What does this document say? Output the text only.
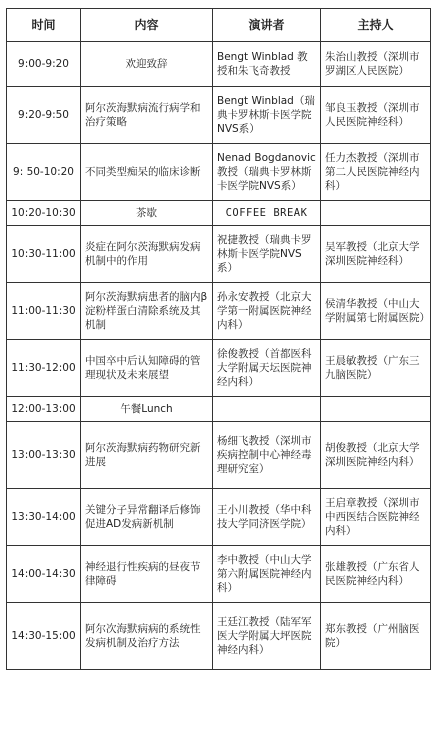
时间	内容	演讲者	主持人
9:00-9:20	欢迎致辞	Bengt Winblad 教授和朱飞奇教授	朱治山教授（深圳市罗湖区人民医院）
9:20-9:50	阿尔茨海默病流行病学和治疗策略	Bengt Winblad（瑞典卡罗林斯卡医学院NVS系）	邹良玉教授（深圳市人民医院神经科）
9: 50-10:20	不同类型痴呆的临床诊断	Nenad Bogdanovic教授（瑞典卡罗林斯卡医学院NVS系）	任力杰教授（深圳市第二人民医院神经内科）
10:20-10:30	茶歇	COFFEE BREAK	
10:30-11:00	炎症在阿尔茨海默病发病机制中的作用	祝捷教授（瑞典卡罗林斯卡医学院NVS系）	吴军教授（北京大学深圳医院神经科）
11:00-11:30	阿尔茨海默病患者的脑内β淀粉样蛋白清除系统及其机制	孙永安教授（北京大学第一附属医院神经内科）	侯清华教授（中山大学附属第七附属医院）
11:30-12:00	中国卒中后认知障碍的管理现状及未来展望	徐俊教授（首都医科大学附属天坛医院神经内科）	王晨敏教授（广东三九脑医院）
12:00-13:00	午餐Lunch		
13:00-13:30	阿尔茨海默病药物研究新进展	杨细飞教授（深圳市疾病控制中心神经毒理研究室）	胡俊教授（北京大学深圳医院神经内科）
13:30-14:00	关键分子异常翻译后修饰促进AD发病新机制	王小川教授（华中科技大学同济医学院）	王启章教授（深圳市中西医结合医院神经内科）
14:00-14:30	神经退行性疾病的昼夜节律障碍	李中教授（中山大学第六附属医院神经内科）	张雄教授（广东省人民医院神经内科）
14:30-15:00	阿尔次海默病病的系统性发病机制及治疗方法	王廷江教授（陆军军医大学附属大坪医院神经内科）	郑东教授（广州脑医院）
